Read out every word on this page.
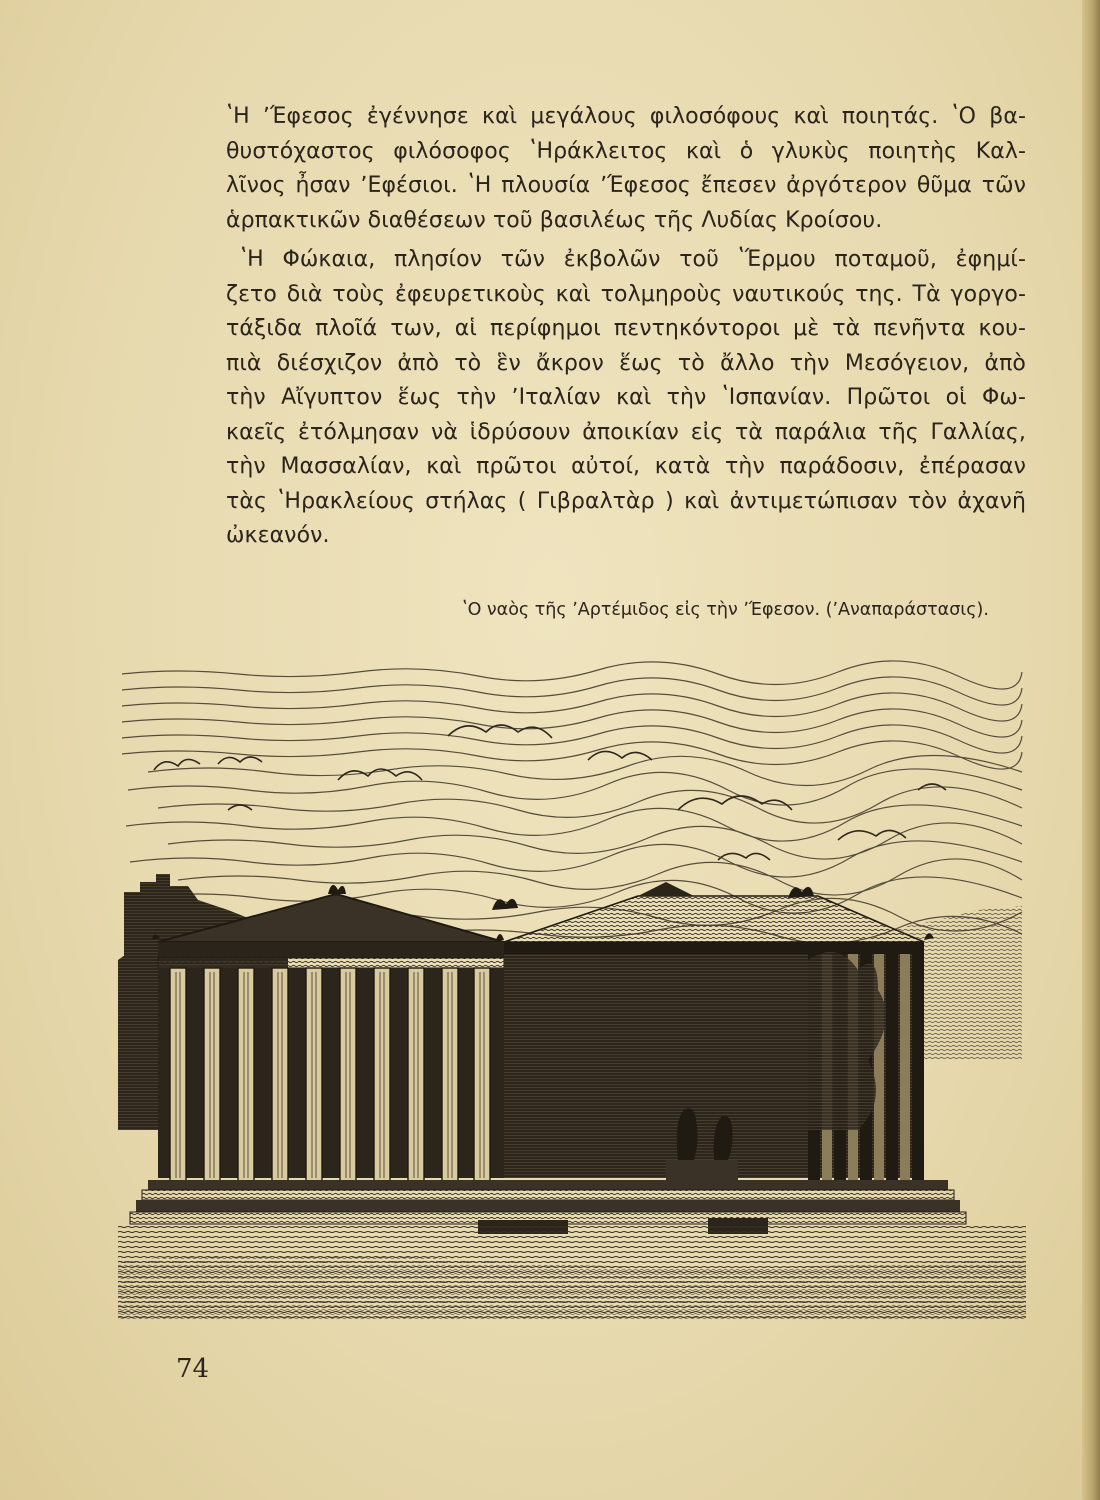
ʽΗ ʼΈφεσος ἐγέννησε καὶ μεγάλους φιλοσόφους καὶ ποιητάς. ʽΟ βα-
θυστόχαστος φιλόσοφος ʽΗράκλειτος καὶ ὁ γλυκὺς ποιητὴς Καλ-
λῖνος ἦσαν ʼΕφέσιοι. ʽΗ πλουσία ʼΈφεσος ἔπεσεν ἀργότερον θῦμα τῶν
ἁρπακτικῶν διαθέσεων τοῦ βασιλέως τῆς Λυδίας Κροίσου.
ʽΗ Φώκαια, πλησίον τῶν ἐκβολῶν τοῦ ʽΈρμου ποταμοῦ, ἐφημί-
ζετο διὰ τοὺς ἐφευρετικοὺς καὶ τολμηροὺς ναυτικούς της. Τὰ γοργο-
τάξιδα πλοῖά των, αἱ περίφημοι πεντηκόντοροι μὲ τὰ πενῆντα κου-
πιὰ διέσχιζον ἀπὸ τὸ ἓν ἄκρον ἕως τὸ ἄλλο τὴν Μεσόγειον, ἀπὸ
τὴν Αἴγυπτον ἕως τὴν ʼΙταλίαν καὶ τὴν ʽΙσπανίαν. Πρῶτοι οἱ Φω-
καεῖς ἐτόλμησαν νὰ ἱδρύσουν ἀποικίαν εἰς τὰ παράλια τῆς Γαλλίας,
τὴν Μασσαλίαν, καὶ πρῶτοι αὐτοί, κατὰ τὴν παράδοσιν, ἐπέρασαν
τὰς ʽΗρακλείους στήλας ( Γιβραλτὰρ ) καὶ ἀντιμετώπισαν τὸν ἀχανῆ
ὠκεανόν.
ʽΟ ναὸς τῆς ʼΑρτέμιδος εἰς τὴν ʼΈφεσον. (ʼΑναπαράστασις).
74
